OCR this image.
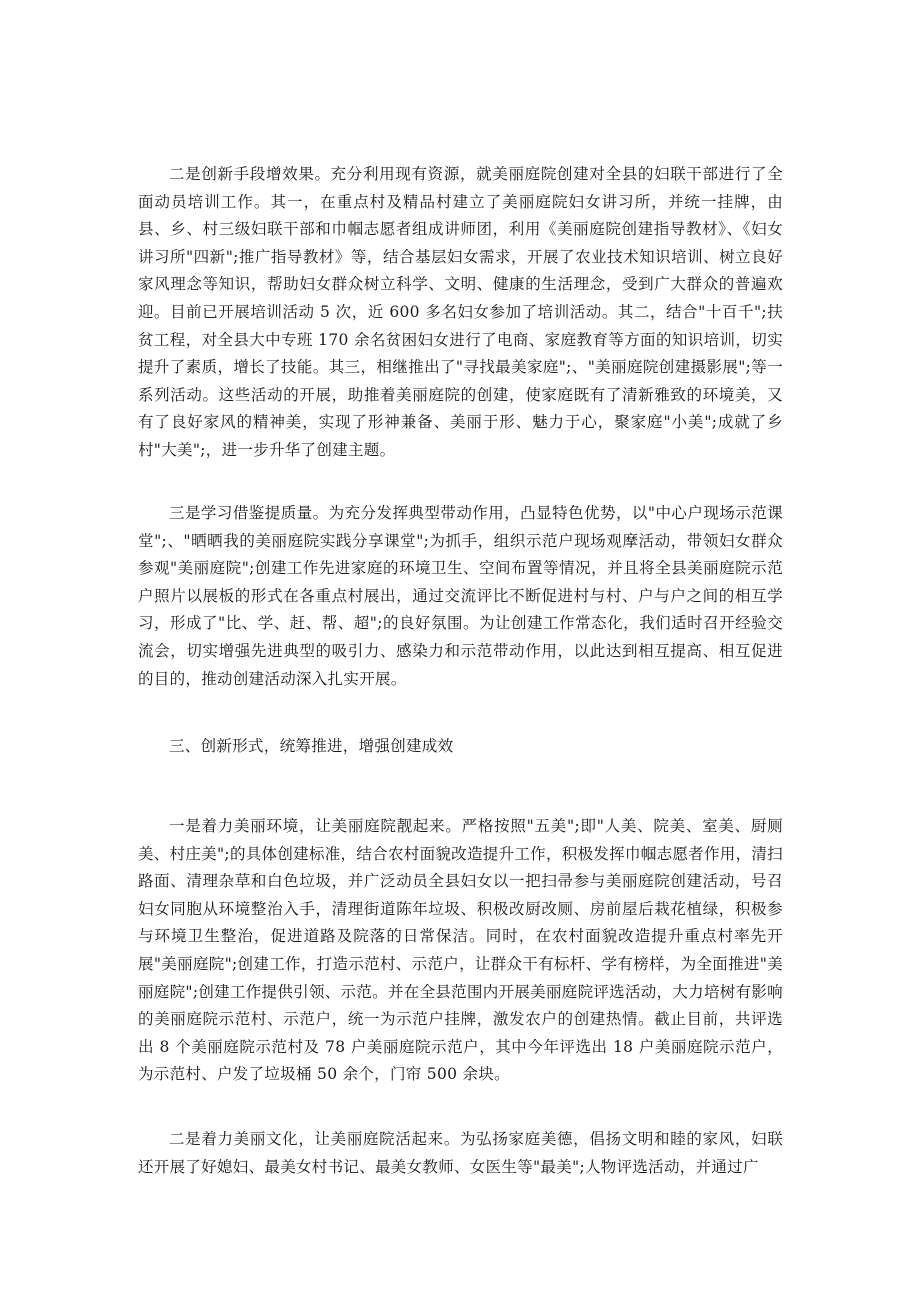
二是创新手段增效果。充分利用现有资源，就美丽庭院创建对全县的妇联干部进行了全面动员培训工作。其一，在重点村及精品村建立了美丽庭院妇女讲习所，并统一挂牌，由县、乡、村三级妇联干部和巾帼志愿者组成讲师团，利用《美丽庭院创建指导教材》、《妇女讲习所"四新";推广指导教材》等，结合基层妇女需求，开展了农业技术知识培训、树立良好家风理念等知识，帮助妇女群众树立科学、文明、健康的生活理念，受到广大群众的普遍欢迎。目前已开展培训活动 5 次，近 600 多名妇女参加了培训活动。其二，结合"十百千";扶贫工程，对全县大中专班 170 余名贫困妇女进行了电商、家庭教育等方面的知识培训，切实提升了素质，增长了技能。其三，相继推出了"寻找最美家庭";、"美丽庭院创建摄影展";等一系列活动。这些活动的开展，助推着美丽庭院的创建，使家庭既有了清新雅致的环境美，又有了良好家风的精神美，实现了形神兼备、美丽于形、魅力于心，聚家庭"小美";成就了乡村"大美";，进一步升华了创建主题。

三是学习借鉴提质量。为充分发挥典型带动作用，凸显特色优势，以"中心户现场示范课堂";、"晒晒我的美丽庭院实践分享课堂";为抓手，组织示范户现场观摩活动，带领妇女群众参观"美丽庭院";创建工作先进家庭的环境卫生、空间布置等情况，并且将全县美丽庭院示范户照片以展板的形式在各重点村展出，通过交流评比不断促进村与村、户与户之间的相互学习，形成了"比、学、赶、帮、超";的良好氛围。为让创建工作常态化，我们适时召开经验交流会，切实增强先进典型的吸引力、感染力和示范带动作用，以此达到相互提高、相互促进的目的，推动创建活动深入扎实开展。

三、创新形式，统筹推进，增强创建成效

一是着力美丽环境，让美丽庭院靓起来。严格按照"五美";即"人美、院美、室美、厨厕美、村庄美";的具体创建标准，结合农村面貌改造提升工作，积极发挥巾帼志愿者作用，清扫路面、清理杂草和白色垃圾，并广泛动员全县妇女以一把扫帚参与美丽庭院创建活动，号召妇女同胞从环境整治入手，清理街道陈年垃圾、积极改厨改厕、房前屋后栽花植绿，积极参与环境卫生整治，促进道路及院落的日常保洁。同时，在农村面貌改造提升重点村率先开展"美丽庭院";创建工作，打造示范村、示范户，让群众干有标杆、学有榜样，为全面推进"美丽庭院";创建工作提供引领、示范。并在全县范围内开展美丽庭院评选活动，大力培树有影响的美丽庭院示范村、示范户，统一为示范户挂牌，激发农户的创建热情。截止目前，共评选出 8 个美丽庭院示范村及 78 户美丽庭院示范户，其中今年评选出 18 户美丽庭院示范户，为示范村、户发了垃圾桶 50 余个，门帘 500 余块。

二是着力美丽文化，让美丽庭院活起来。为弘扬家庭美德，倡扬文明和睦的家风，妇联还开展了好媳妇、最美女村书记、最美女教师、女医生等"最美";人物评选活动，并通过广
